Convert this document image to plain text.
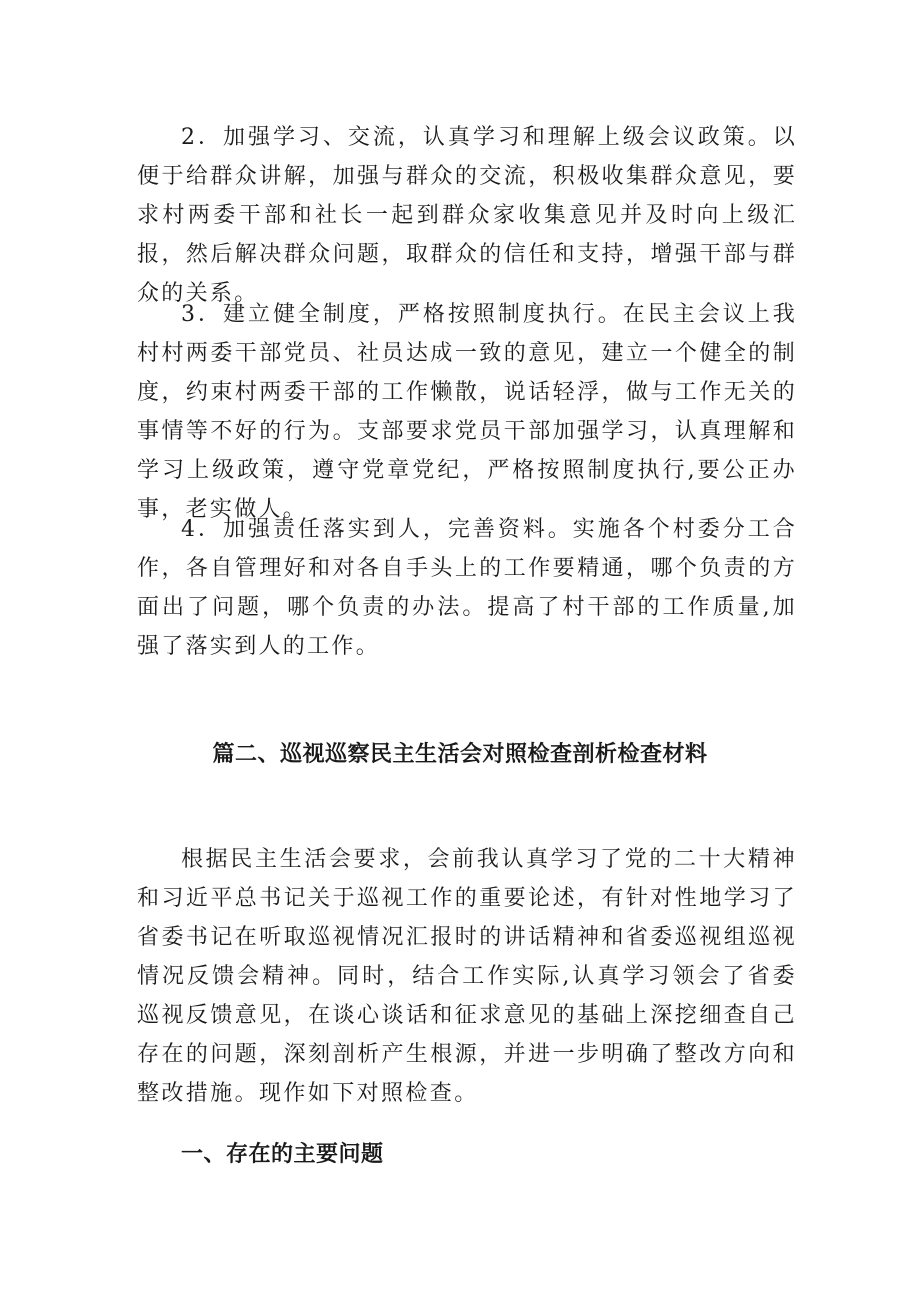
2．加强学习、交流，认真学习和理解上级会议政策。以便于给群众讲解，加强与群众的交流，积极收集群众意见，要求村两委干部和社长一起到群众家收集意见并及时向上级汇报，然后解决群众问题，取群众的信任和支持，增强干部与群众的关系。

3．建立健全制度，严格按照制度执行。在民主会议上我村村两委干部党员、社员达成一致的意见，建立一个健全的制度，约束村两委干部的工作懒散，说话轻浮，做与工作无关的事情等不好的行为。支部要求党员干部加强学习，认真理解和学习上级政策，遵守党章党纪，严格按照制度执行,要公正办事，老实做人。

4．加强责任落实到人，完善资料。实施各个村委分工合作，各自管理好和对各自手头上的工作要精通，哪个负责的方面出了问题，哪个负责的办法。提高了村干部的工作质量,加强了落实到人的工作。

篇二、巡视巡察民主生活会对照检查剖析检查材料

根据民主生活会要求，会前我认真学习了党的二十大精神和习近平总书记关于巡视工作的重要论述，有针对性地学习了省委书记在听取巡视情况汇报时的讲话精神和省委巡视组巡视情况反馈会精神。同时，结合工作实际,认真学习领会了省委巡视反馈意见，在谈心谈话和征求意见的基础上深挖细查自己存在的问题，深刻剖析产生根源，并进一步明确了整改方向和整改措施。现作如下对照检查。

一、存在的主要问题
